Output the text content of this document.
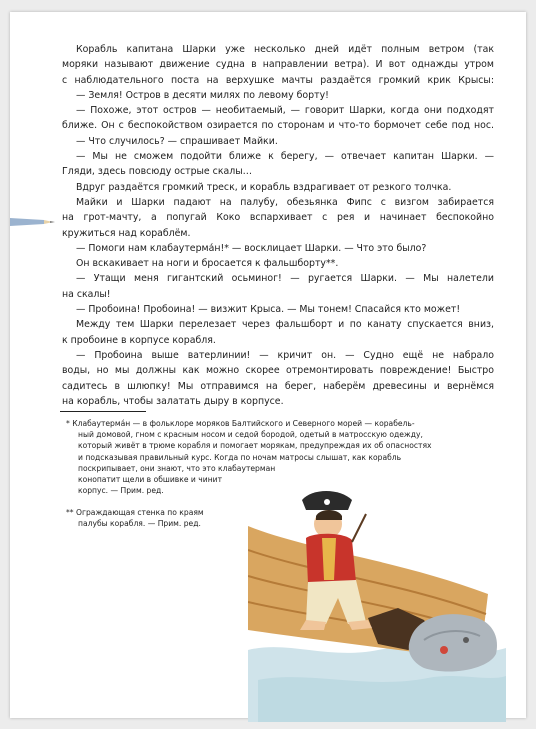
Корабль капитана Шарки уже несколько дней идёт полным ветром (так
моряки называют движение судна в направлении ветра). И вот однажды утром
с наблюдательного поста на верхушке мачты раздаётся громкий крик Крысы:
— Земля! Остров в десяти милях по левому борту!
— Похоже, этот остров — необитаемый, — говорит Шарки, когда они подходят
ближе. Он с беспокойством озирается по сторонам и что-то бормочет себе под нос.
— Что случилось? — спрашивает Майки.
— Мы не сможем подойти ближе к берегу, — отвечает капитан Шарки. —
Гляди, здесь повсюду острые скалы…
Вдруг раздаётся громкий треск, и корабль вздрагивает от резкого толчка.
Майки и Шарки падают на палубу, обезьянка Фипс с визгом забирается
на грот-мачту, а попугай Коко вспархивает с рея и начинает беспокойно
кружиться над кораблём.
— Помоги нам клабаутерма́н!* — восклицает Шарки. — Что это было?
Он вскакивает на ноги и бросается к фальшборту**.
— Утащи меня гигантский осьминог! — ругается Шарки. — Мы налетели
на скалы!
— Пробоина! Пробоина! — визжит Крыса. — Мы тонем! Спасайся кто может!
Между тем Шарки перелезает через фальшборт и по канату спускается вниз,
к пробоине в корпусе корабля.
— Пробоина выше ватерлинии! — кричит он. — Судно ещё не набрало
воды, но мы должны как можно скорее отремонтировать повреждение! Быстро
садитесь в шлюпку! Мы отправимся на берег, наберём древесины и вернёмся
на корабль, чтобы залатать дыру в корпусе.
* Клабаутерма́н — в фольклоре моряков Балтийского и Северного морей — корабель-
ный домовой, гном с красным носом и седой бородой, одетый в матросскую одежду,
который живёт в трюме корабля и помогает морякам, предупреждая их об опасностях
и подсказывая правильный курс. Когда по ночам матросы слышат, как корабль
поскрипывает, они знают, что это клабаутерман
конопатит щели в обшивке и чинит
корпус. — Прим. ред.
** Ограждающая стенка по краям
палубы корабля. — Прим. ред.
